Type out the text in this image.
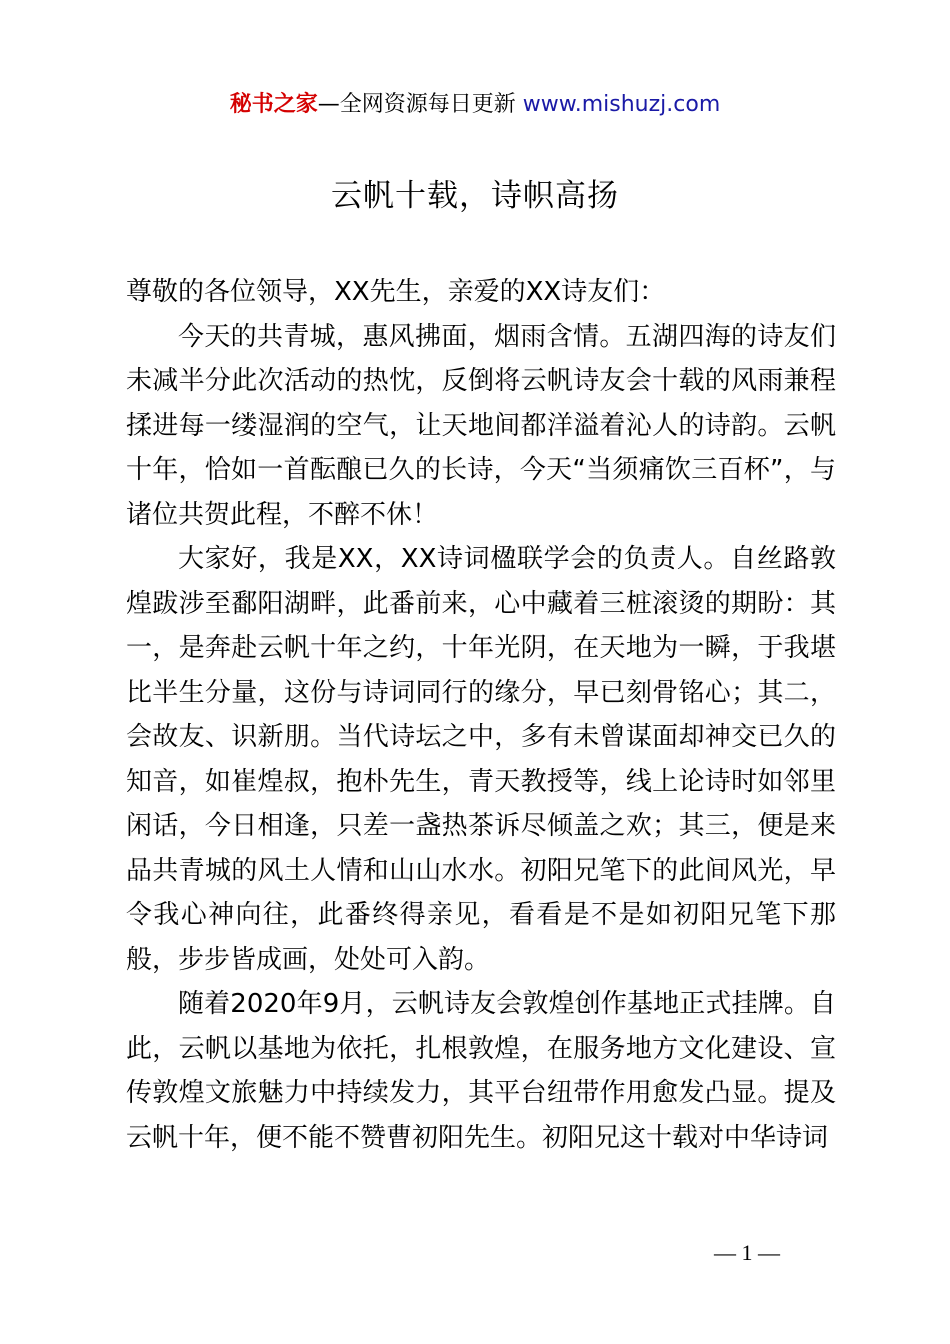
秘书之家—全网资源每日更新 www.mishuzj.com
云帆十载，诗帜高扬

尊敬的各位领导，XX先生，亲爱的XX诗友们：

今天的共青城，惠风拂面，烟雨含情。五湖四海的诗友们未减半分此次活动的热忱，反倒将云帆诗友会十载的风雨兼程揉进每一缕湿润的空气，让天地间都洋溢着沁人的诗韵。云帆十年，恰如一首酝酿已久的长诗，今天“当须痛饮三百杯”，与诸位共贺此程，不醉不休！

大家好，我是XX，XX诗词楹联学会的负责人。自丝路敦煌跋涉至鄱阳湖畔，此番前来，心中藏着三桩滚烫的期盼：其一，是奔赴云帆十年之约，十年光阴，在天地为一瞬，于我堪比半生分量，这份与诗词同行的缘分，早已刻骨铭心；其二，会故友、识新朋。当代诗坛之中，多有未曾谋面却神交已久的知音，如崔煌叔，抱朴先生，青天教授等，线上论诗时如邻里闲话，今日相逢，只差一盏热茶诉尽倾盖之欢；其三，便是来品共青城的风土人情和山山水水。初阳兄笔下的此间风光，早令我心神向往，此番终得亲见，看看是不是如初阳兄笔下那般，步步皆成画，处处可入韵。

随着2020年9月，云帆诗友会敦煌创作基地正式挂牌。自此，云帆以基地为依托，扎根敦煌，在服务地方文化建设、宣传敦煌文旅魅力中持续发力，其平台纽带作用愈发凸显。提及云帆十年，便不能不赞曹初阳先生。初阳兄这十载对中华诗词

— 1 —
